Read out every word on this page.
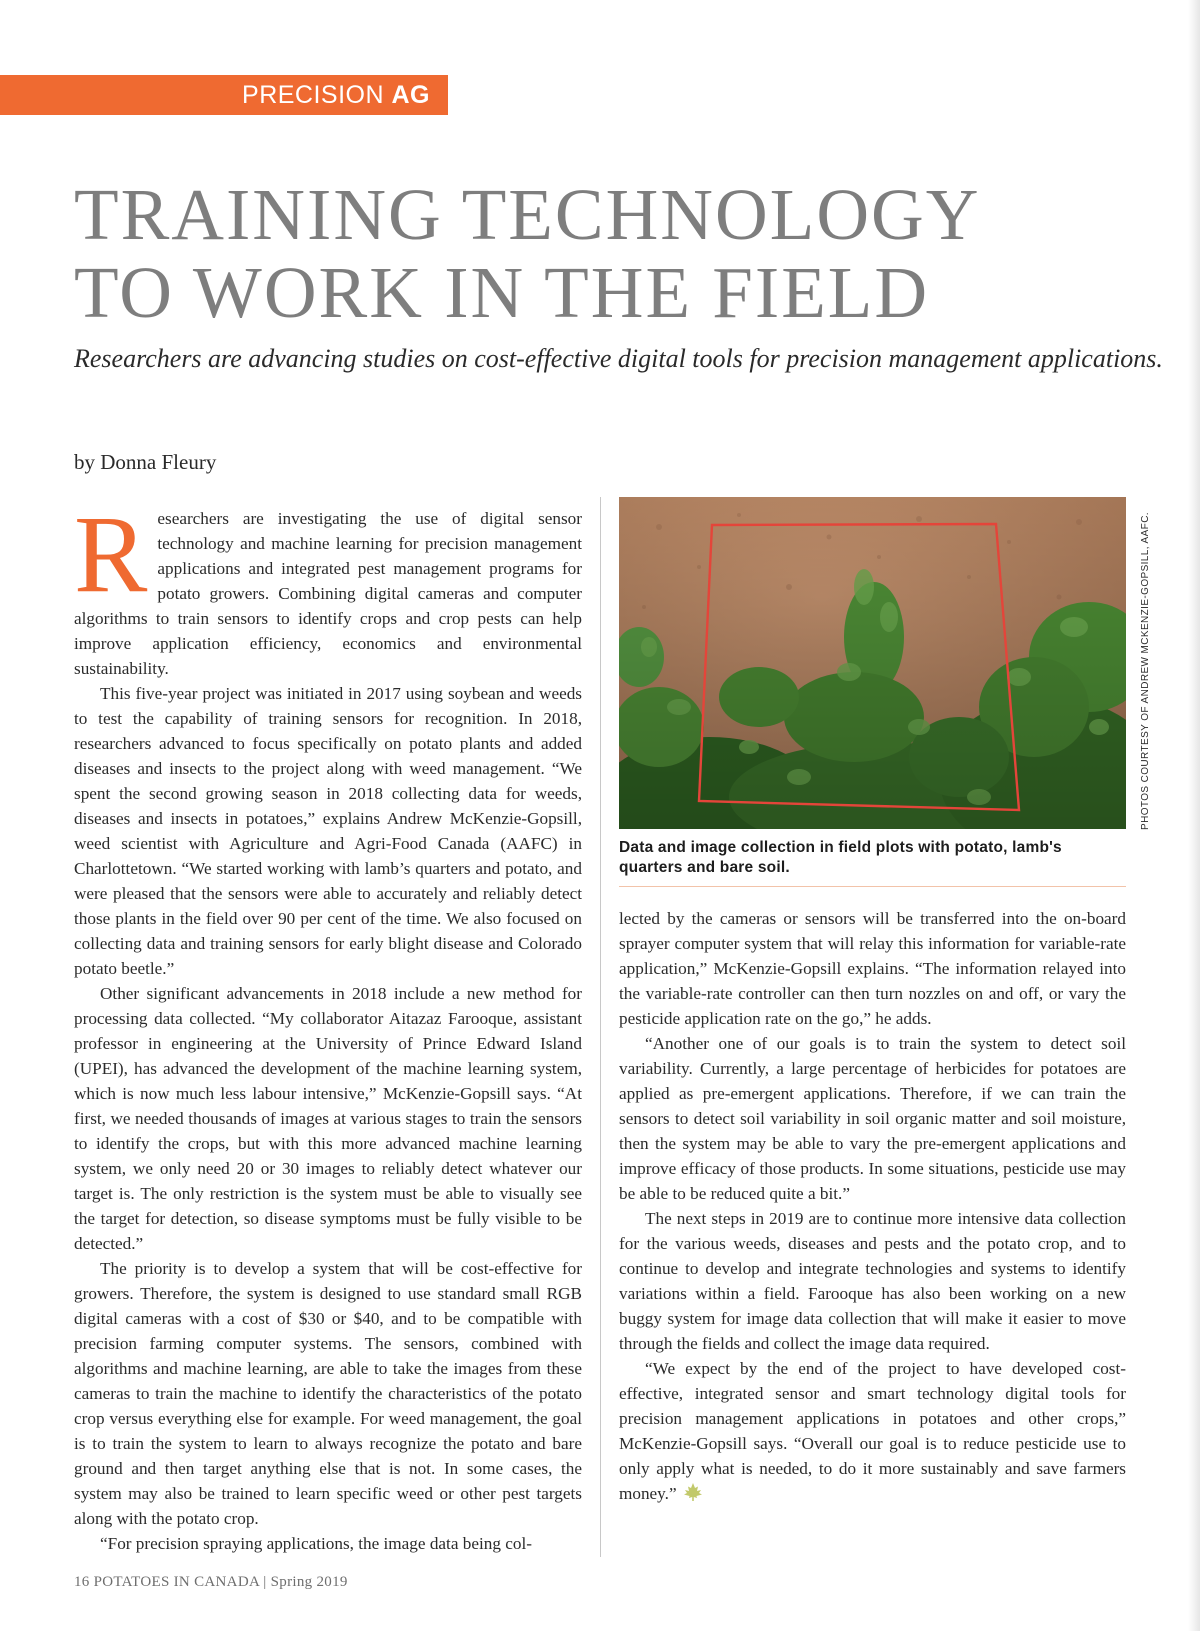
PRECISION AG
TRAINING TECHNOLOGY
TO WORK IN THE FIELD

Researchers are advancing studies on cost-effective digital tools for precision management applications.

by Donna Fleury

Researchers are investigating the use of digital sensor technology and machine learning for precision management applications and integrated pest management programs for potato growers. Combining digital cameras and computer algorithms to train sensors to identify crops and crop pests can help improve application efficiency, economics and environmental sustainability.

This five-year project was initiated in 2017 using soybean and weeds to test the capability of training sensors for recognition. In 2018, researchers advanced to focus specifically on potato plants and added diseases and insects to the project along with weed management. “We spent the second growing season in 2018 collecting data for weeds, diseases and insects in potatoes,” explains Andrew McKenzie-Gopsill, weed scientist with Agriculture and Agri-Food Canada (AAFC) in Charlottetown. “We started working with lamb’s quarters and potato, and were pleased that the sensors were able to accurately and reliably detect those plants in the field over 90 per cent of the time. We also focused on collecting data and training sensors for early blight disease and Colorado potato beetle.”

Other significant advancements in 2018 include a new method for processing data collected. “My collaborator Aitazaz Farooque, assistant professor in engineering at the University of Prince Edward Island (UPEI), has advanced the development of the machine learning system, which is now much less labour intensive,” McKenzie-Gopsill says. “At first, we needed thousands of images at various stages to train the sensors to identify the crops, but with this more advanced machine learning system, we only need 20 or 30 images to reliably detect whatever our target is. The only restriction is the system must be able to visually see the target for detection, so disease symptoms must be fully visible to be detected.”

The priority is to develop a system that will be cost-effective for growers. Therefore, the system is designed to use standard small RGB digital cameras with a cost of $30 or $40, and to be compatible with precision farming computer systems. The sensors, combined with algorithms and machine learning, are able to take the images from these cameras to train the machine to identify the characteristics of the potato crop versus everything else for example. For weed management, the goal is to train the system to learn to always recognize the potato and bare ground and then target anything else that is not. In some cases, the system may also be trained to learn specific weed or other pest targets along with the potato crop.

“For precision spraying applications, the image data being col-

PHOTOS COURTESY OF ANDREW MCKENZIE-GOPSILL, AAFC.

Data and image collection in field plots with potato, lamb's quarters and bare soil.

lected by the cameras or sensors will be transferred into the on-board sprayer computer system that will relay this information for variable-rate application,” McKenzie-Gopsill explains. “The information relayed into the variable-rate controller can then turn nozzles on and off, or vary the pesticide application rate on the go,” he adds.

“Another one of our goals is to train the system to detect soil variability. Currently, a large percentage of herbicides for potatoes are applied as pre-emergent applications. Therefore, if we can train the sensors to detect soil variability in soil organic matter and soil moisture, then the system may be able to vary the pre-emergent applications and improve efficacy of those products. In some situations, pesticide use may be able to be reduced quite a bit.”

The next steps in 2019 are to continue more intensive data collection for the various weeds, diseases and pests and the potato crop, and to continue to develop and integrate technologies and systems to identify variations within a field. Farooque has also been working on a new buggy system for image data collection that will make it easier to move through the fields and collect the image data required.

“We expect by the end of the project to have developed cost-effective, integrated sensor and smart technology digital tools for precision management applications in potatoes and other crops,” McKenzie-Gopsill says. “Overall our goal is to reduce pesticide use to only apply what is needed, to do it more sustainably and save farmers money.”

16 POTATOES IN CANADA | Spring 2019
